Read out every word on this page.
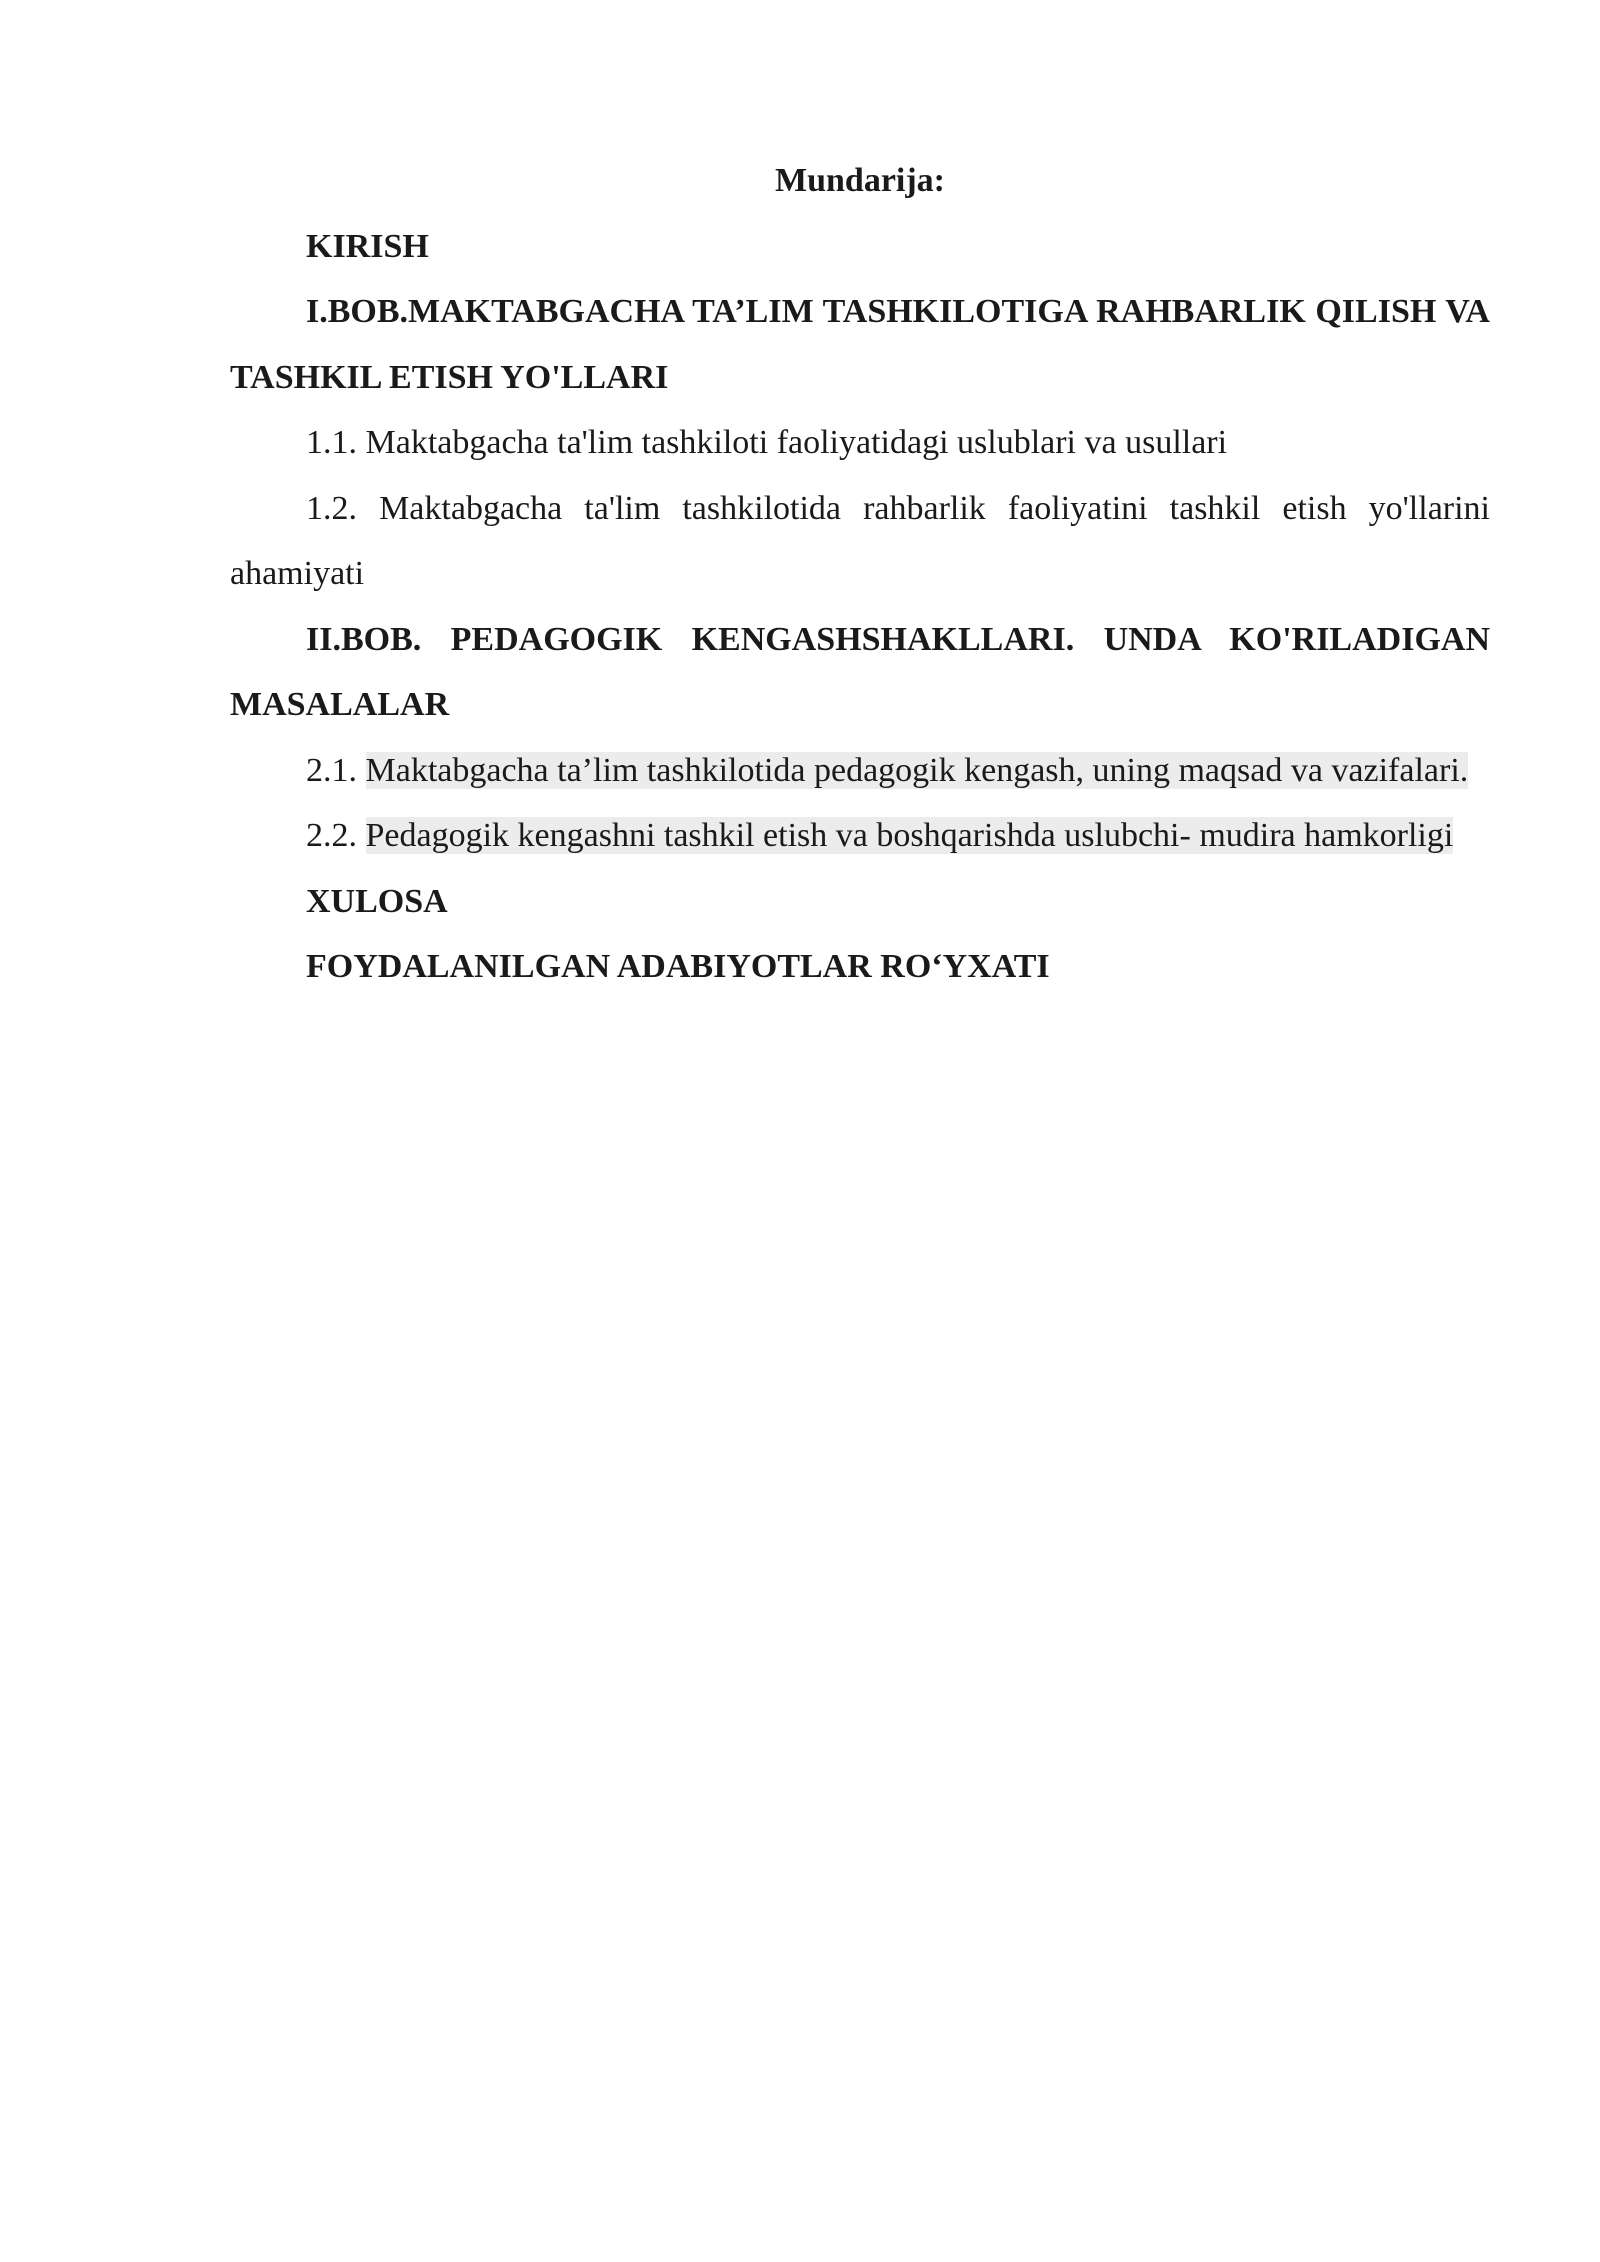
Mundarija:

KIRISH

I.BOB.MAKTABGACHA TA’LIM TASHKILOTIGA RAHBARLIK QILISH VA TASHKIL ETISH YO'LLARI

1.1. Maktabgacha ta'lim tashkiloti faoliyatidagi uslublari va usullari

1.2. Maktabgacha ta'lim tashkilotida rahbarlik faoliyatini tashkil etish yo'llarini ahamiyati

II.BOB. PEDAGOGIK KENGASHSHAKLLARI. UNDA KO'RILADIGAN MASALALAR

2.1. Maktabgacha ta’lim tashkilotida pedagogik kengash, uning maqsad va vazifalari.

2.2. Pedagogik kengashni tashkil etish va boshqarishda uslubchi- mudira hamkorligi

XULOSA

FOYDALANILGAN ADABIYOTLAR RO‘YXATI
